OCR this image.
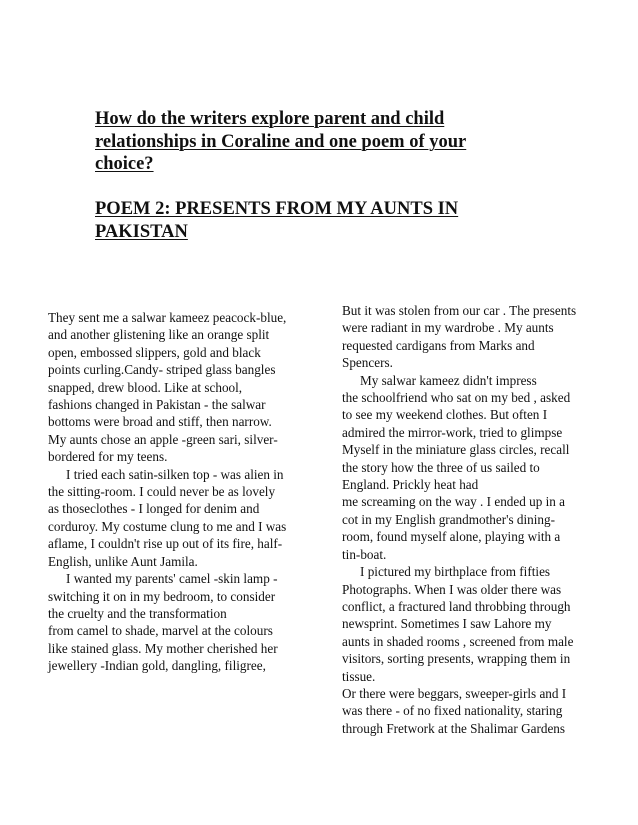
How do the writers explore parent and child
relationships in Coraline and one poem of your
choice?
POEM 2: PRESENTS FROM MY AUNTS IN
PAKISTAN
They sent me a salwar kameez peacock-blue,
and another glistening like an orange split
open, embossed slippers, gold and black
points curling.Candy- striped glass bangles
snapped, drew blood. Like at school,
fashions changed in Pakistan - the salwar
bottoms were broad and stiff, then narrow.
My aunts chose an apple -green sari, silver-
bordered for my teens.
I tried each satin-silken top - was alien in
the sitting-room. I could never be as lovely
as thoseclothes - I longed for denim and
corduroy. My costume clung to me and I was
aflame, I couldn't rise up out of its fire, half-
English, unlike Aunt Jamila.
I wanted my parents' camel -skin lamp -
switching it on in my bedroom, to consider
the cruelty and the transformation
from camel to shade, marvel at the colours
like stained glass. My mother cherished her
jewellery -Indian gold, dangling, filigree,
But it was stolen from our car . The presents
were radiant in my wardrobe . My aunts
requested cardigans from Marks and
Spencers.
My salwar kameez didn't impress
the schoolfriend who sat on my bed , asked
to see my weekend clothes. But often I
admired the mirror-work, tried to glimpse
Myself in the miniature glass circles, recall
the story how the three of us sailed to
England. Prickly heat had
me screaming on the way . I ended up in a
cot in my English grandmother's dining-
room, found myself alone, playing with a
tin-boat.
I pictured my birthplace from fifties
Photographs. When I was older there was
conflict, a fractured land throbbing through
newsprint. Sometimes I saw Lahore my
aunts in shaded rooms , screened from male
visitors, sorting presents, wrapping them in
tissue.
Or there were beggars, sweeper-girls and I
was there - of no fixed nationality, staring
through Fretwork at the Shalimar Gardens
